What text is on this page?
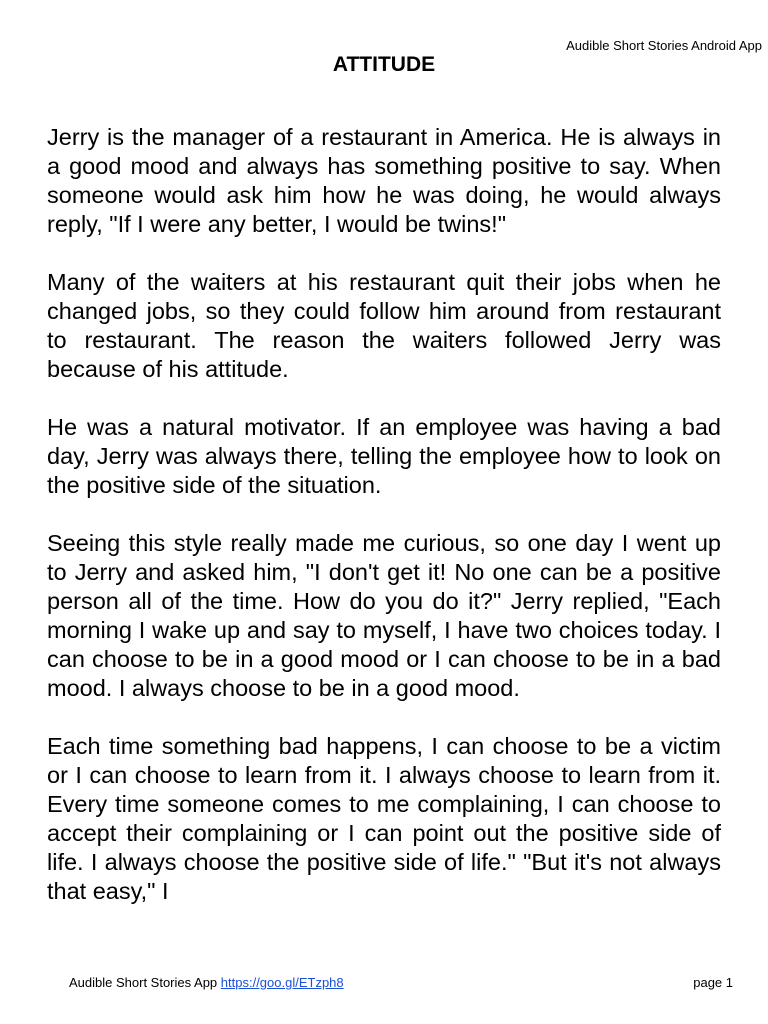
Audible Short Stories Android App
ATTITUDE

Jerry is the manager of a restaurant in America. He is always in a good mood and always has something positive to say. When someone would ask him how he was doing, he would always reply, "If I were any better, I would be twins!"

Many of the waiters at his restaurant quit their jobs when he changed jobs, so they could follow him around from restaurant to restaurant. The reason the waiters followed Jerry was because of his attitude.

He was a natural motivator. If an employee was having a bad day, Jerry was always there, telling the employee how to look on the positive side of the situation.

Seeing this style really made me curious, so one day I went up to Jerry and asked him, "I don't get it! No one can be a positive person all of the time. How do you do it?" Jerry replied, "Each morning I wake up and say to myself, I have two choices today. I can choose to be in a good mood or I can choose to be in a bad mood. I always choose to be in a good mood.

Each time something bad happens, I can choose to be a victim or I can choose to learn from it. I always choose to learn from it. Every time someone comes to me complaining, I can choose to accept their complaining or I can point out the positive side of life. I always choose the positive side of life." "But it's not always that easy," I

Audible Short Stories App https://goo.gl/ETzph8	page 1
